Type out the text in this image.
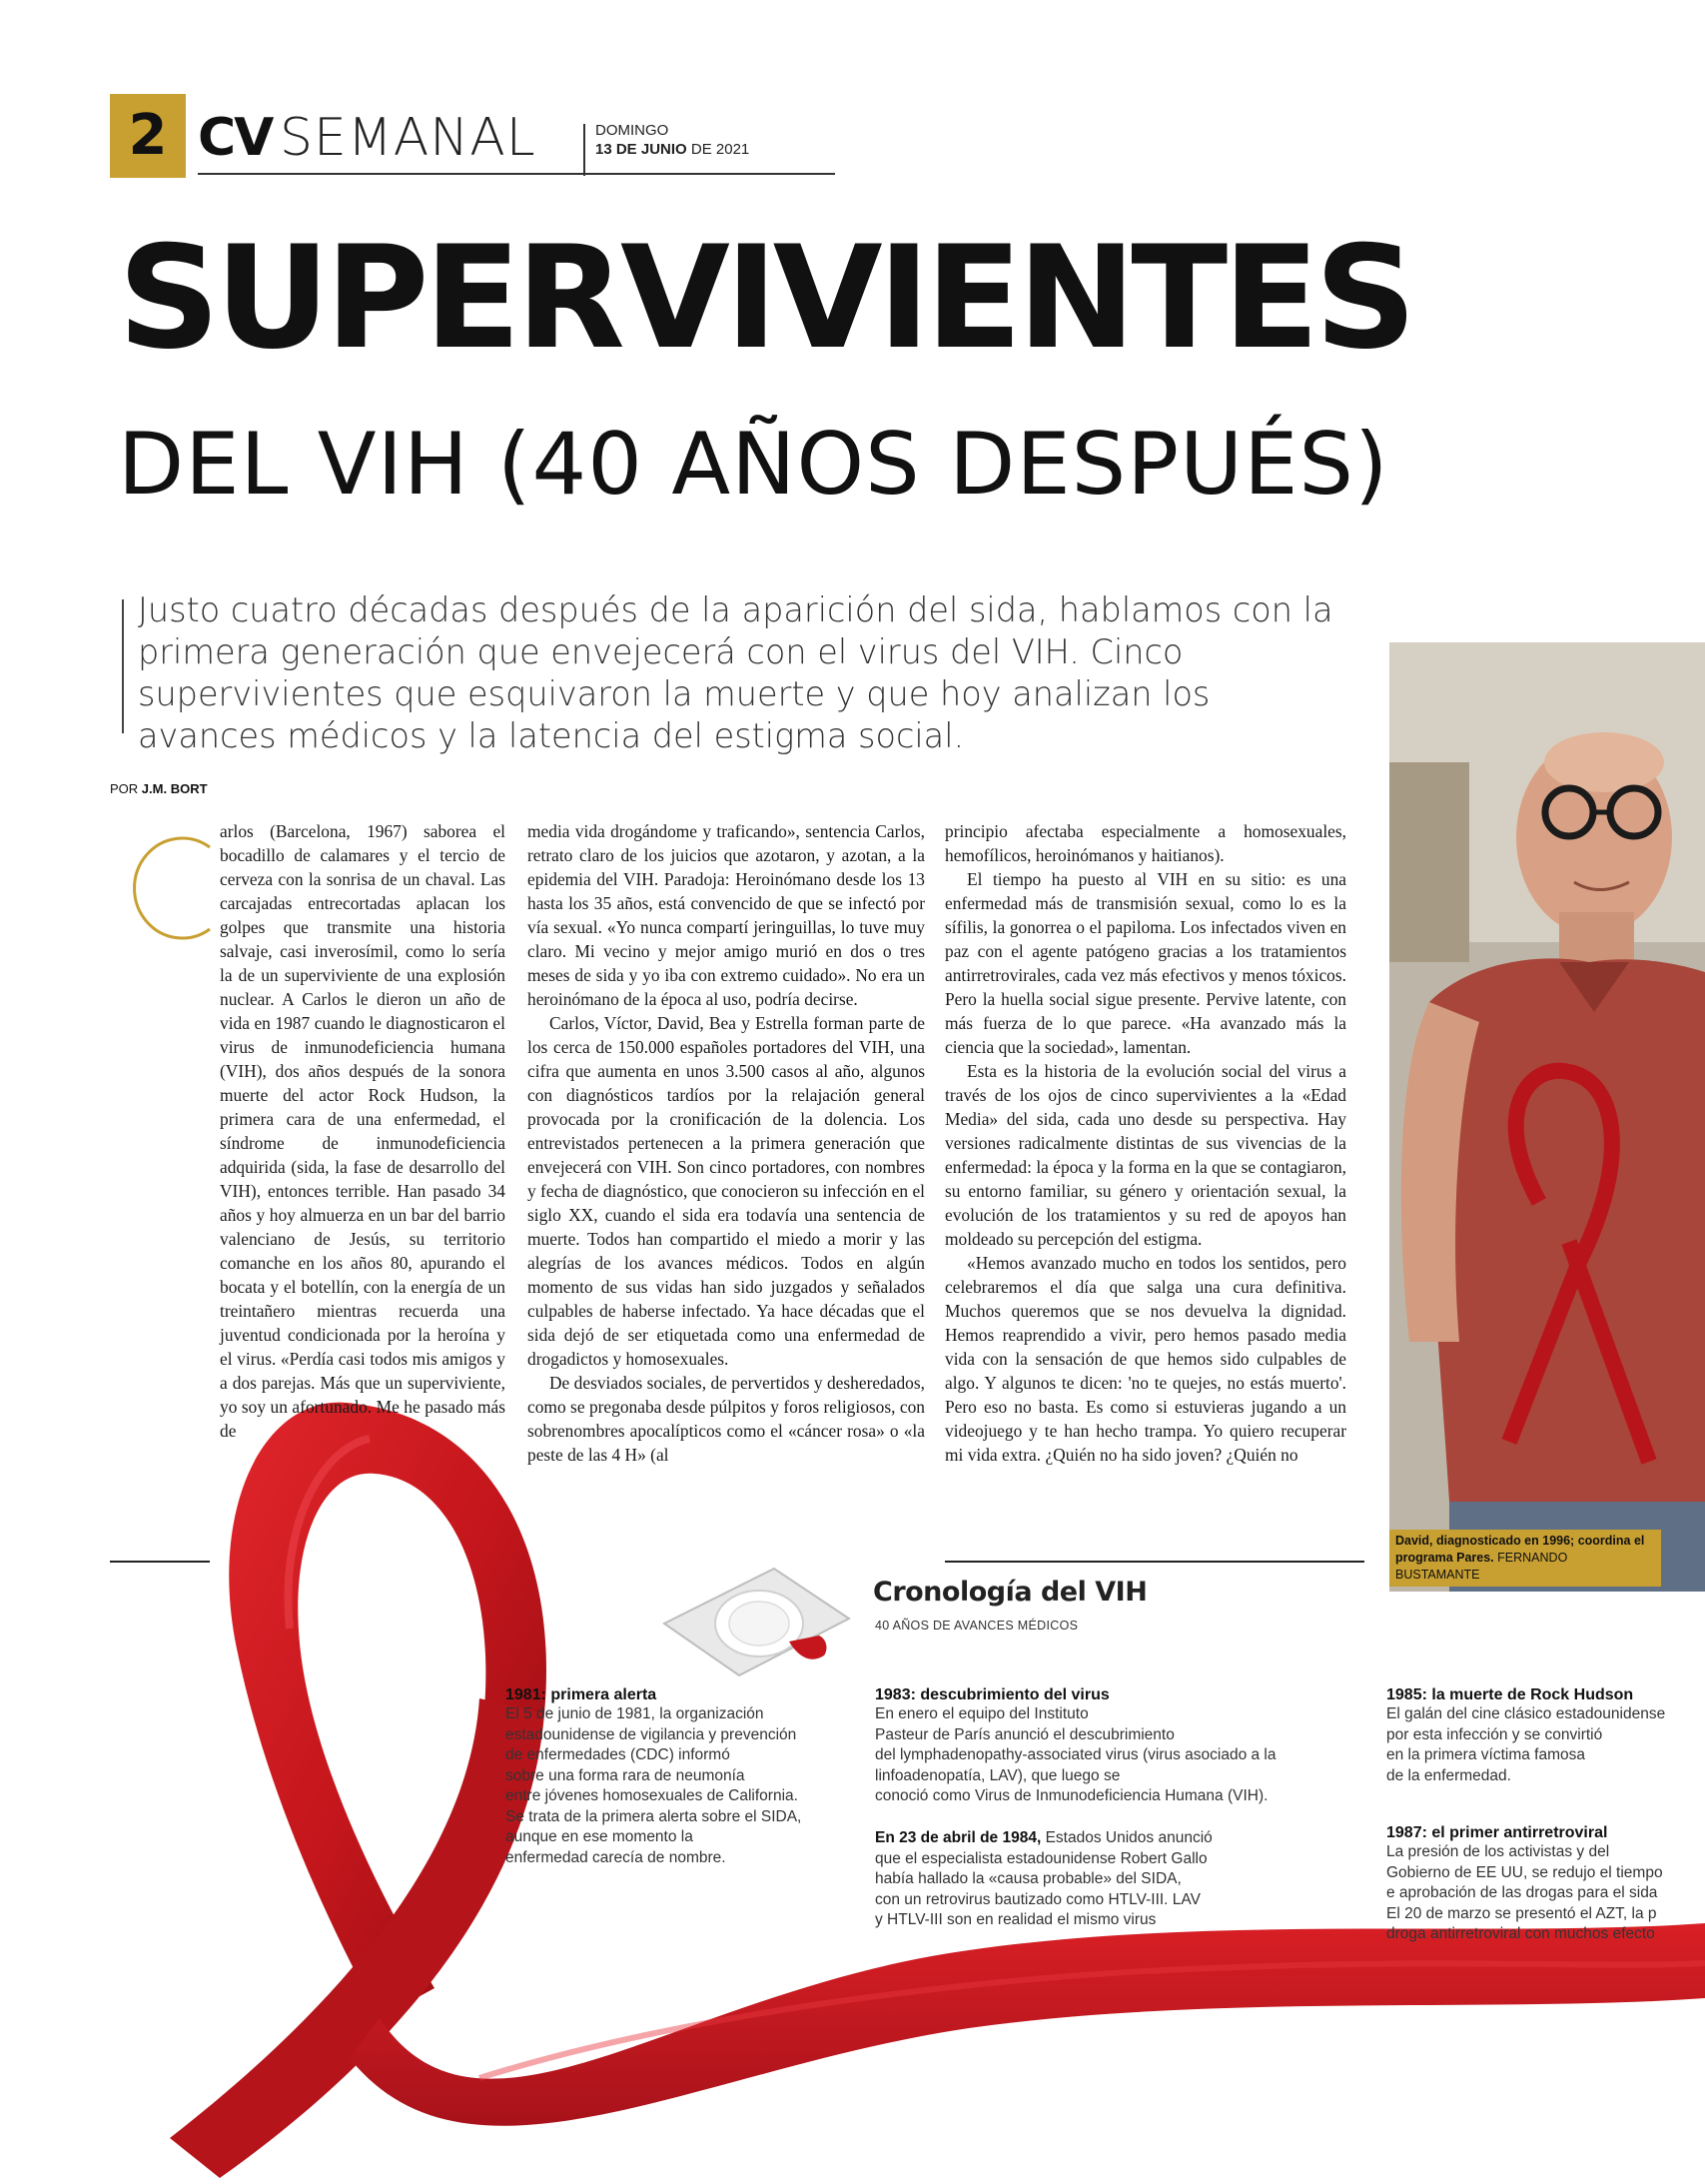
2 CV SEMANAL	DOMINGO
13 DE JUNIO DE 2021
SUPERVIVIENTES
DEL VIH (40 AÑOS DESPUÉS)
Justo cuatro décadas después de la aparición del sida, hablamos con la primera generación que envejecerá con el virus del VIH. Cinco supervivientes que esquivaron la muerte y que hoy analizan los avances médicos y la latencia del estigma social.
POR J.M. BORT

arlos (Barcelona, 1967) saborea el bocadillo de calamares y el tercio de cerveza con la sonrisa de un chaval. Las carcajadas entrecortadas aplacan los golpes que transmite una historia salvaje, casi inverosímil, como lo sería la de un superviviente de una explosión nuclear. A Carlos le dieron un año de vida en 1987 cuando le diagnosticaron el virus de inmunodeficiencia humana (VIH), dos años después de la sonora muerte del actor Rock Hudson, la primera cara de una enfermedad, el síndrome de inmunodeficiencia adquirida (sida, la fase de desarrollo del VIH), entonces terrible. Han pasado 34 años y hoy almuerza en un bar del barrio valenciano de Jesús, su territorio comanche en los años 80, apurando el bocata y el botellín, con la energía de un treintañero mientras recuerda una juventud condicionada por la heroína y el virus. «Perdía casi todos mis amigos y a dos parejas. Más que un superviviente, yo soy un afortunado. Me he pasado más de

media vida drogándome y traficando», sentencia Carlos, retrato claro de los juicios que azotaron, y azotan, a la epidemia del VIH. Paradoja: Heroinómano desde los 13 hasta los 35 años, está convencido de que se infectó por vía sexual. «Yo nunca compartí jeringuillas, lo tuve muy claro. Mi vecino y mejor amigo murió en dos o tres meses de sida y yo iba con extremo cuidado». No era un heroinómano de la época al uso, podría decirse.

Carlos, Víctor, David, Bea y Estrella forman parte de los cerca de 150.000 españoles portadores del VIH, una cifra que aumenta en unos 3.500 casos al año, algunos con diagnósticos tardíos por la relajación general provocada por la cronificación de la dolencia. Los entrevistados pertenecen a la primera generación que envejecerá con VIH. Son cinco portadores, con nombres y fecha de diagnóstico, que conocieron su infección en el siglo XX, cuando el sida era todavía una sentencia de muerte. Todos han compartido el miedo a morir y las alegrías de los avances médicos. Todos en algún momento de sus vidas han sido juzgados y señalados culpables de haberse infectado. Ya hace décadas que el sida dejó de ser etiquetada como una enfermedad de drogadictos y homosexuales.

De desviados sociales, de pervertidos y desheredados, como se pregonaba desde púlpitos y foros religiosos, con sobrenombres apocalípticos como el «cáncer rosa» o «la peste de las 4 H» (al

principio afectaba especialmente a homosexuales, hemofílicos, heroinómanos y haitianos).

El tiempo ha puesto al VIH en su sitio: es una enfermedad más de transmisión sexual, como lo es la sífilis, la gonorrea o el papiloma. Los infectados viven en paz con el agente patógeno gracias a los tratamientos antirretrovirales, cada vez más efectivos y menos tóxicos. Pero la huella social sigue presente. Pervive latente, con más fuerza de lo que parece. «Ha avanzado más la ciencia que la sociedad», lamentan.

Esta es la historia de la evolución social del virus a través de los ojos de cinco supervivientes a la «Edad Media» del sida, cada uno desde su perspectiva. Hay versiones radicalmente distintas de sus vivencias de la enfermedad: la época y la forma en la que se contagiaron, su entorno familiar, su género y orientación sexual, la evolución de los tratamientos y su red de apoyos han moldeado su percepción del estigma.

«Hemos avanzado mucho en todos los sentidos, pero celebraremos el día que salga una cura definitiva. Muchos queremos que se nos devuelva la dignidad. Hemos reaprendido a vivir, pero hemos pasado media vida con la sensación de que hemos sido culpables de algo. Y algunos te dicen: 'no te quejes, no estás muerto'. Pero eso no basta. Es como si estuvieras jugando a un videojuego y te han hecho trampa. Yo quiero recuperar mi vida extra. ¿Quién no ha sido joven? ¿Quién no

David, diagnosticado en 1996; coordina el programa Pares. FERNANDO BUSTAMANTE
Cronología del VIH
40 AÑOS DE AVANCES MÉDICOS
1981: primera alerta
El 5 de junio de 1981, la organización
estadounidense de vigilancia y prevención
de enfermedades (CDC) informó
sobre una forma rara de neumonía
entre jóvenes homosexuales de California.
Se trata de la primera alerta sobre el SIDA,
aunque en ese momento la
enfermedad carecía de nombre.
1983: descubrimiento del virus
En enero el equipo del Instituto
Pasteur de París anunció el descubrimiento
del lymphadenopathy-associated virus (virus asociado a la
linfoadenopatía, LAV), que luego se
conoció como Virus de Inmunodeficiencia Humana (VIH).
En 23 de abril de 1984, Estados Unidos anunció
que el especialista estadounidense Robert Gallo
había hallado la «causa probable» del SIDA,
con un retrovirus bautizado como HTLV-III. LAV
y HTLV-III son en realidad el mismo virus
1985: la muerte de Rock Hudson
El galán del cine clásico estadounidense
por esta infección y se convirtió
en la primera víctima famosa
de la enfermedad.
1987: el primer antirretroviral
La presión de los activistas y del
Gobierno de EE UU, se redujo el tiempo
e aprobación de las drogas para el sida
El 20 de marzo se presentó el AZT, la p
droga antirretroviral con muchos efecto
